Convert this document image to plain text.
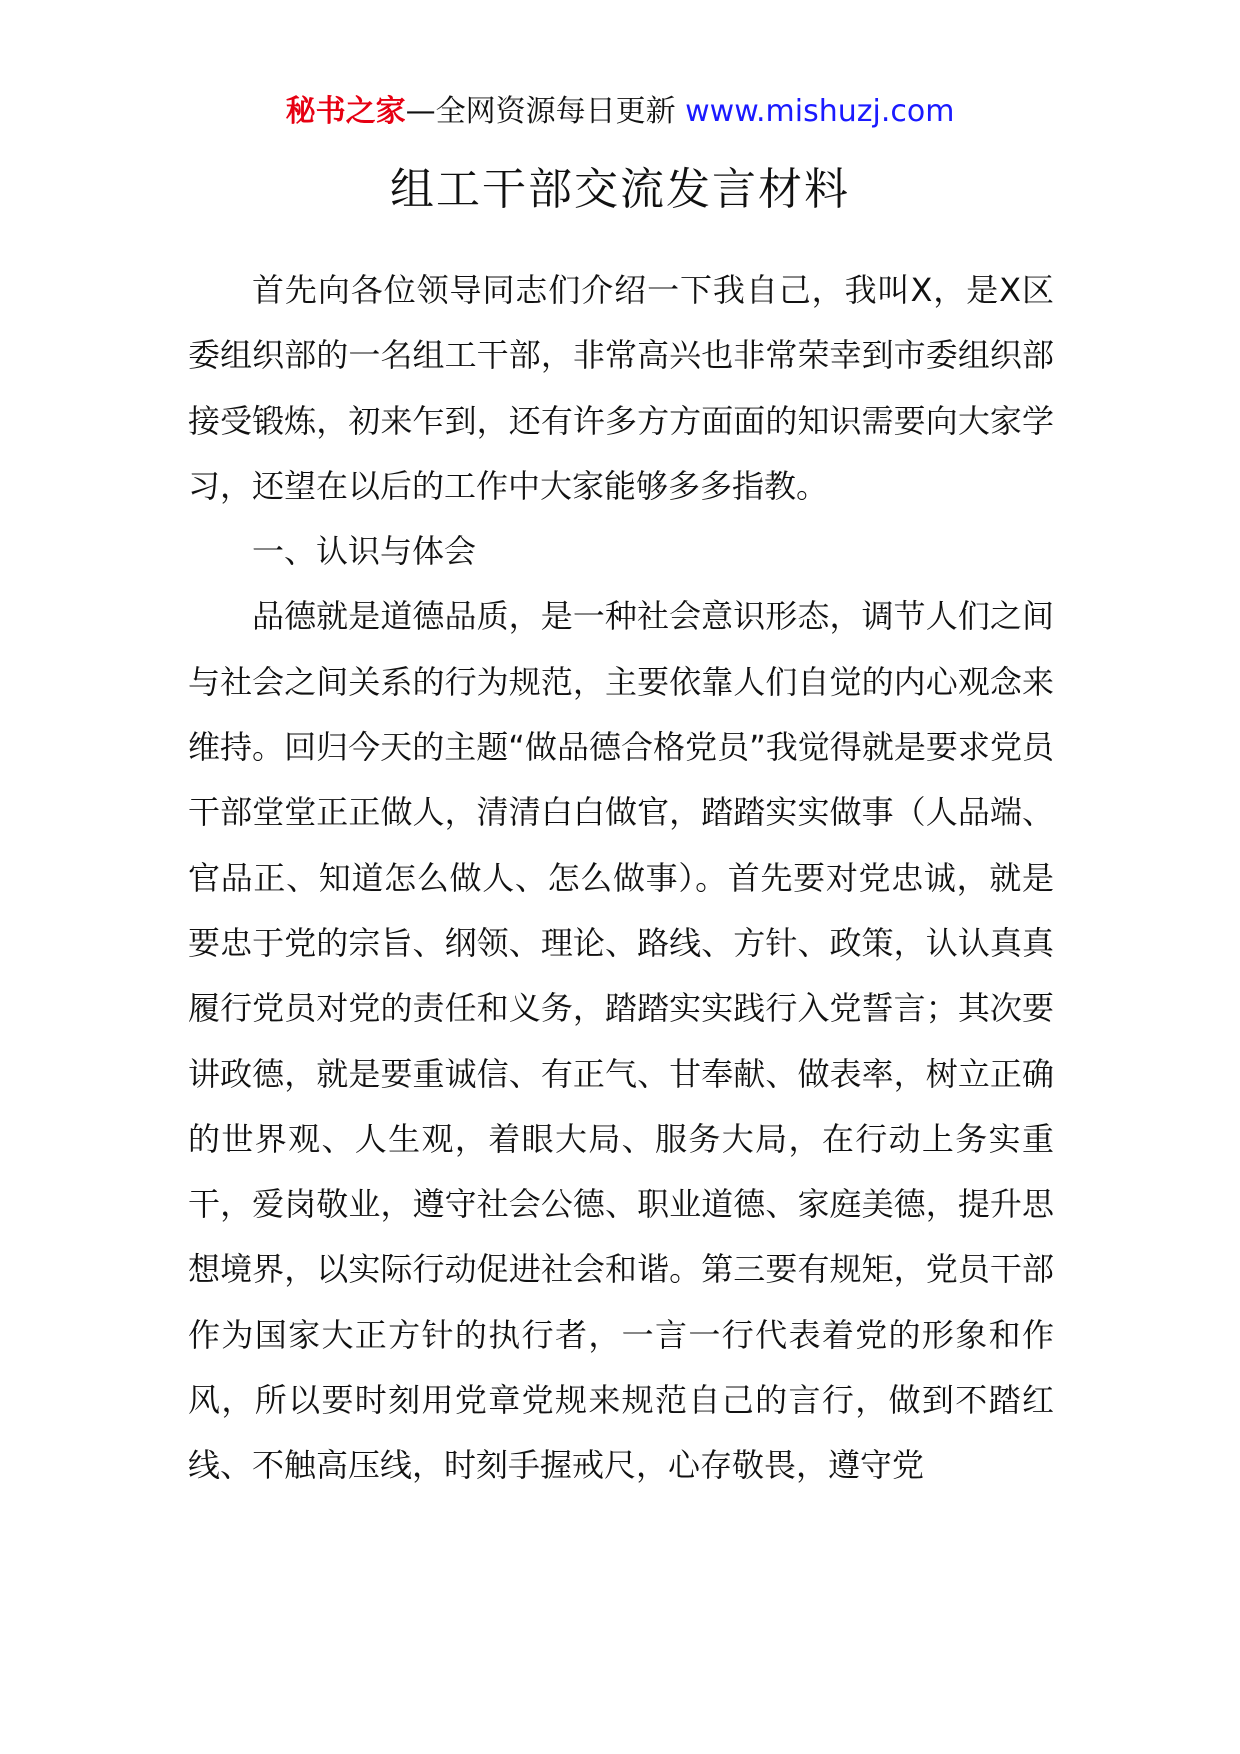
秘书之家—全网资源每日更新 www.mishuzj.com
组工干部交流发言材料

首先向各位领导同志们介绍一下我自己，我叫X，是X区委组织部的一名组工干部，非常高兴也非常荣幸到市委组织部接受锻炼，初来乍到，还有许多方方面面的知识需要向大家学习，还望在以后的工作中大家能够多多指教。

一、认识与体会

品德就是道德品质，是一种社会意识形态，调节人们之间与社会之间关系的行为规范，主要依靠人们自觉的内心观念来维持。回归今天的主题“做品德合格党员”我觉得就是要求党员干部堂堂正正做人，清清白白做官，踏踏实实做事（人品端、官品正、知道怎么做人、怎么做事）。首先要对党忠诚，就是要忠于党的宗旨、纲领、理论、路线、方针、政策，认认真真履行党员对党的责任和义务，踏踏实实践行入党誓言；其次要讲政德，就是要重诚信、有正气、甘奉献、做表率，树立正确的世界观、人生观，着眼大局、服务大局，在行动上务实重干，爱岗敬业，遵守社会公德、职业道德、家庭美德，提升思想境界，以实际行动促进社会和谐。第三要有规矩，党员干部作为国家大正方针的执行者，一言一行代表着党的形象和作风，所以要时刻用党章党规来规范自己的言行，做到不踏红线、不触高压线，时刻手握戒尺，心存敬畏，遵守党
